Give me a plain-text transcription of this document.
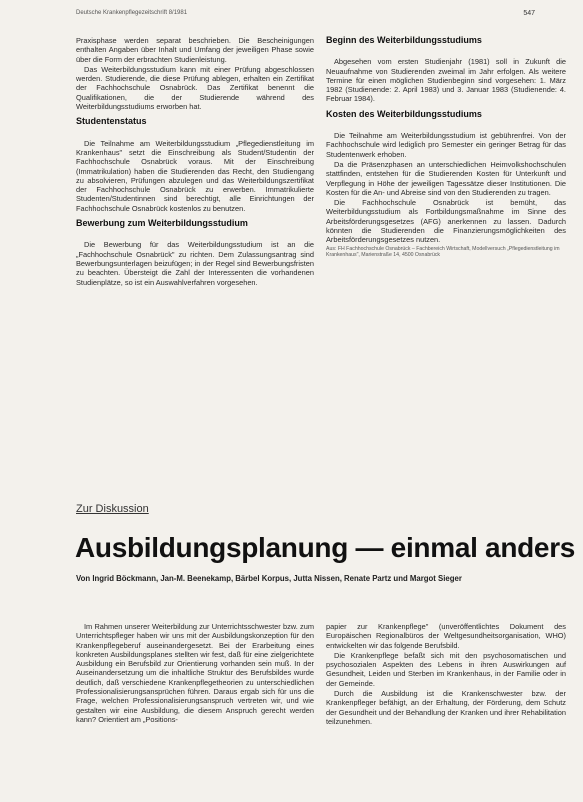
Deutsche Krankenpflegezeitschrift 8/1981	547

Praxisphase werden separat beschrieben. Die Bescheinigungen enthalten Angaben über Inhalt und Umfang der jeweiligen Phase sowie über die Form der erbrachten Studienleistung.

Das Weiterbildungsstudium kann mit einer Prüfung abgeschlossen werden. Studierende, die diese Prüfung ablegen, erhalten ein Zertifikat der Fachhochschule Osnabrück. Das Zertifikat benennt die Qualifikationen, die der Studierende während des Weiterbildungsstudiums erworben hat.

Studentenstatus

Die Teilnahme am Weiterbildungsstudium „Pflegedienstleitung im Krankenhaus" setzt die Einschreibung als Student/Studentin der Fachhochschule Osnabrück voraus. Mit der Einschreibung (Immatrikulation) haben die Studierenden das Recht, den Studiengang zu absolvieren, Prüfungen abzulegen und das Weiterbildungszertifikat der Fachhochschule Osnabrück zu erwerben. Immatrikulierte Studenten/Studentinnen sind berechtigt, alle Einrichtungen der Fachhochschule Osnabrück kostenlos zu benutzen.

Bewerbung zum Weiterbildungsstudium

Die Bewerbung für das Weiterbildungsstudium ist an die „Fachhochschule Osnabrück" zu richten. Dem Zulassungsantrag sind Bewerbungsunterlagen beizufügen; in der Regel sind Bewerbungsfristen zu beachten. Übersteigt die Zahl der Interessenten die vorhandenen Studienplätze, so ist ein Auswahlverfahren vorgesehen.

Beginn des Weiterbildungsstudiums

Abgesehen vom ersten Studienjahr (1981) soll in Zukunft die Neuaufnahme von Studierenden zweimal im Jahr erfolgen. Als weitere Termine für einen möglichen Studienbeginn sind vorgesehen: 1. März 1982 (Studienende: 2. April 1983) und 3. Januar 1983 (Studienende: 4. Februar 1984).

Kosten des Weiterbildungsstudiums

Die Teilnahme am Weiterbildungsstudium ist gebührenfrei. Von der Fachhochschule wird lediglich pro Semester ein geringer Betrag für das Studentenwerk erhoben.

Da die Präsenzphasen an unterschiedlichen Heimvolkshochschulen stattfinden, entstehen für die Studierenden Kosten für Unterkunft und Verpflegung in Höhe der jeweiligen Tagessätze dieser Institutionen. Die Kosten für die An- und Abreise sind von den Studierenden zu tragen.

Die Fachhochschule Osnabrück ist bemüht, das Weiterbildungsstudium als Fortbildungsmaßnahme im Sinne des Arbeitsförderungsgesetzes (AFG) anerkennen zu lassen. Dadurch könnten die Studierenden die Finanzierungsmöglichkeiten des Arbeitsförderungsgesetzes nutzen.

Aus: FH Fachhochschule Osnabrück – Fachbereich Wirtschaft, Modellversuch „Pflegedienstleitung im Krankenhaus", Marienstraße 14, 4500 Osnabrück

Zur Diskussion
Ausbildungsplanung — einmal anders
Von Ingrid Böckmann, Jan-M. Beenekamp, Bärbel Korpus, Jutta Nissen, Renate Partz und Margot Sieger

Im Rahmen unserer Weiterbildung zur Unterrichtsschwester bzw. zum Unterrichtspfleger haben wir uns mit der Ausbildungskonzeption für den Krankenpflegeberuf auseinandergesetzt. Bei der Erarbeitung eines konkreten Ausbildungsplanes stellten wir fest, daß für eine zielgerichtete Ausbildung ein Berufsbild zur Orientierung vorhanden sein muß. In der Auseinandersetzung um die inhaltliche Struktur des Berufsbildes wurde deutlich, daß verschiedene Krankenpflegetheorien zu unterschiedlichen Professionalisierungsansprüchen führen. Daraus ergab sich für uns die Frage, welchen Professionalisierungsanspruch vertreten wir, und wie gestalten wir eine Ausbildung, die diesem Anspruch gerecht werden kann? Orientiert am „Positions-

papier zur Krankenpflege" (unveröffentlichtes Dokument des Europäischen Regionalbüros der Weltgesundheitsorganisation, WHO) entwickelten wir das folgende Berufsbild.

Die Krankenpflege befaßt sich mit den psychosomatischen und psychosozialen Aspekten des Lebens in ihren Auswirkungen auf Gesundheit, Leiden und Sterben im Krankenhaus, in der Familie oder in der Gemeinde.

Durch die Ausbildung ist die Krankenschwester bzw. der Krankenpfleger befähigt, an der Erhaltung, der Förderung, dem Schutz der Gesundheit und der Behandlung der Kranken und ihrer Rehabilitation teilzunehmen.
